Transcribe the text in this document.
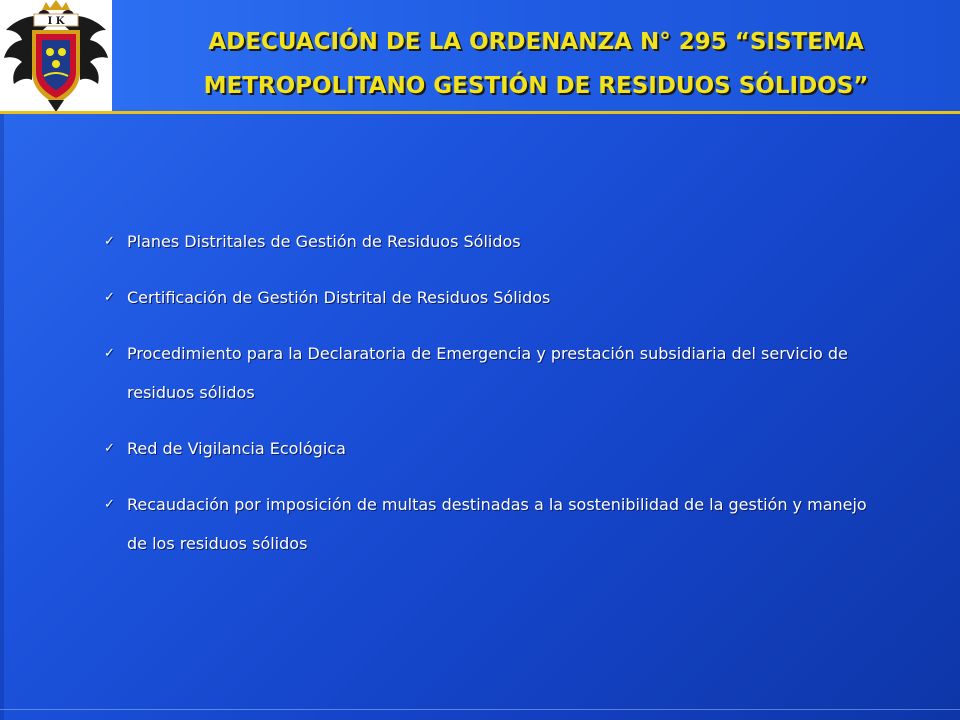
I K
ADECUACIÓN DE LA ORDENANZA N° 295 “SISTEMA
METROPOLITANO GESTIÓN DE RESIDUOS SÓLIDOS”
✓ Planes Distritales de Gestión de Residuos Sólidos
✓ Certificación de Gestión Distrital de Residuos Sólidos
✓ Procedimiento para la Declaratoria de Emergencia y prestación subsidiaria del servicio de residuos sólidos
✓ Red de Vigilancia Ecológica
✓ Recaudación por imposición de multas destinadas a la sostenibilidad de la gestión y manejo de los residuos sólidos
